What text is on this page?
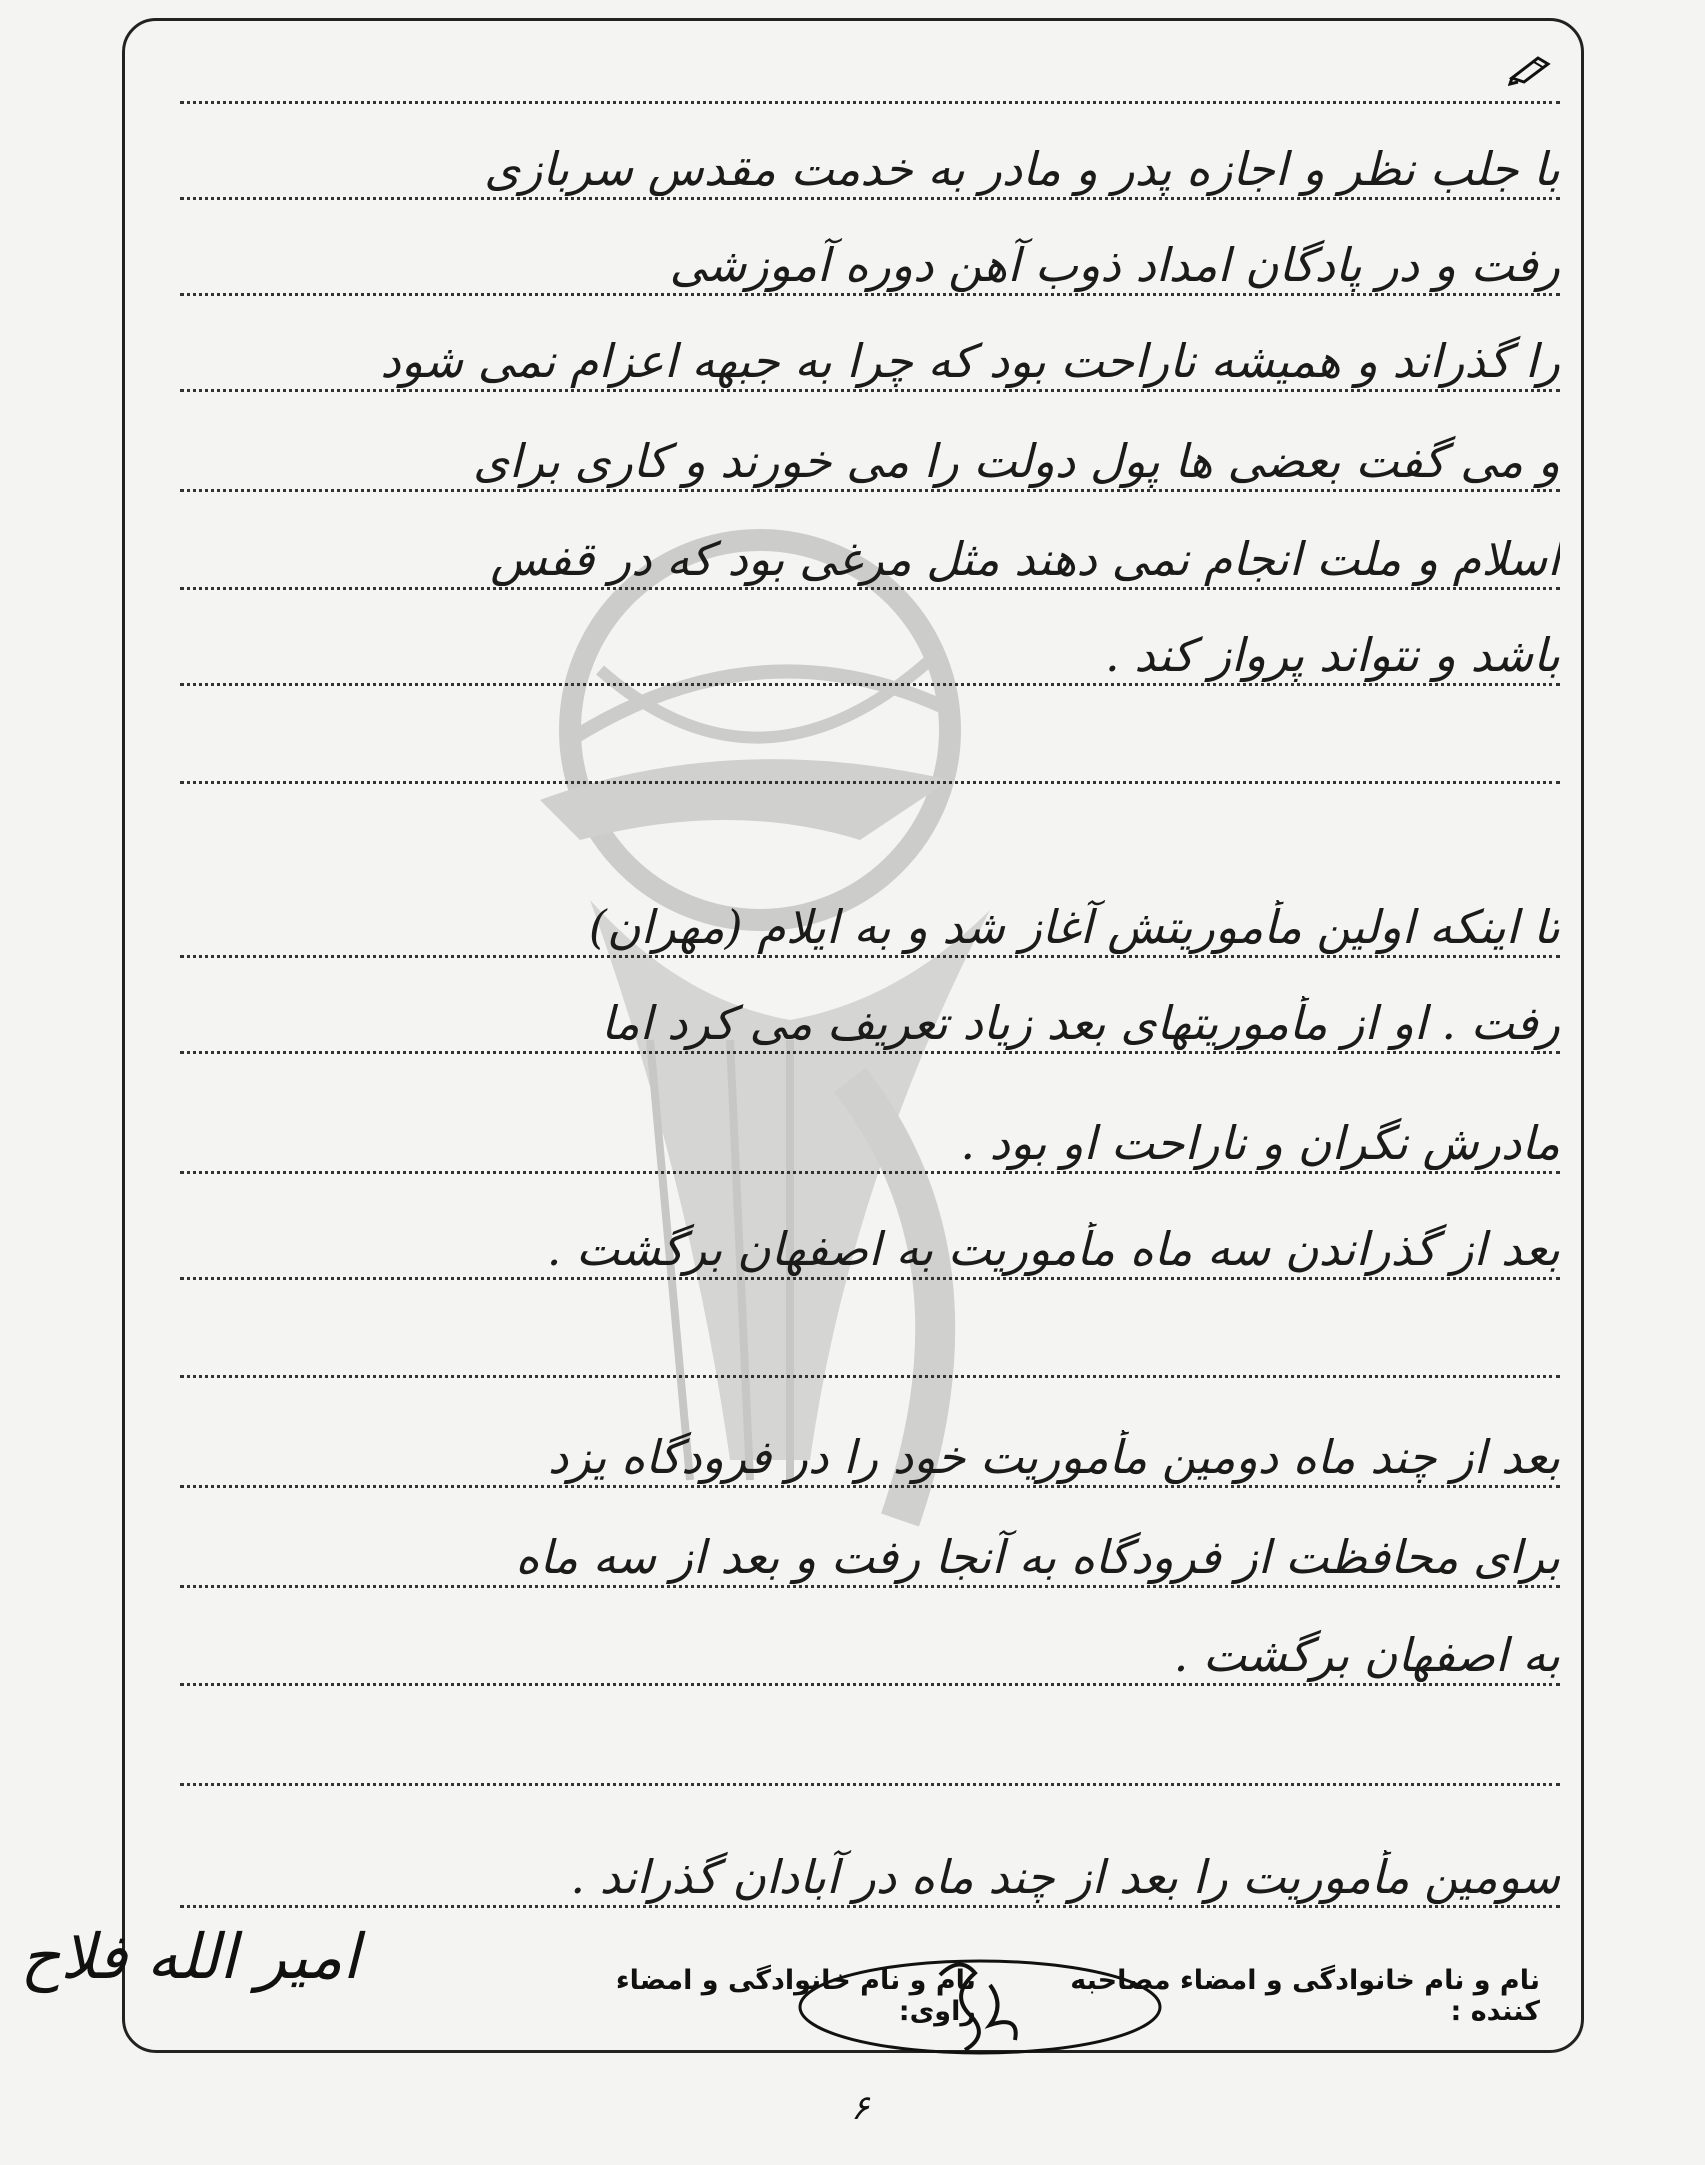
با جلب نظر و اجازه پدر و مادر به خدمت مقدس سربازی
رفت و در پادگان امداد ذوب آهن دوره آموزشی
را گذراند و همیشه ناراحت بود که چرا به جبهه اعزام نمی شود
و می گفت بعضی ها پول دولت را می خورند و کاری برای
اسلام و ملت انجام نمی دهند مثل مرغی بود که در قفس
باشد و نتواند پرواز کند .
تا اینکه اولین مأموریتش آغاز شد و به ایلام (مهران)
رفت . او از مأموریتهای بعد زیاد تعریف می کرد اما
مادرش نگران و ناراحت او بود .
بعد از گذراندن سه ماه مأموریت به اصفهان برگشت .
بعد از چند ماه دومین مأموریت خود را در فرودگاه یزد
برای محافظت از فرودگاه به آنجا رفت و بعد از سه ماه
به اصفهان برگشت .
سومین مأموریت را بعد از چند ماه در آبادان گذراند .
امیر الله فلاح	نام و نام خانوادگی و امضاء مصاحبه کننده :
نام و نام خانوادگی و امضاء راوی:
۶
